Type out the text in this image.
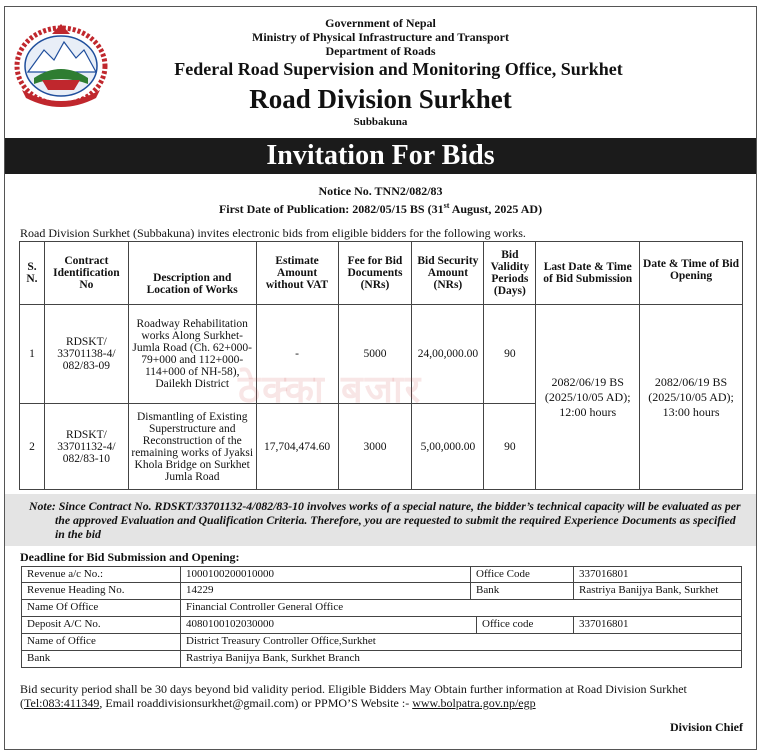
Government of Nepal
Ministry of Physical Infrastructure and Transport
Department of Roads
Federal Road Supervision and Monitoring Office, Surkhet
Road Division Surkhet
Subbakuna
Invitation For Bids
Notice No. TNN2/082/83
First Date of Publication: 2082/05/15 BS (31st August, 2025 AD)
Road Division Surkhet (Subbakuna) invites electronic bids from eligible bidders for the following works.
S. N.	Contract Identification No	Description and Location of Works	Estimate Amount without VAT	Fee for Bid Documents (NRs)	Bid Security Amount (NRs)	Bid Validity Periods (Days)	Last Date & Time of Bid Submission	Date & Time of Bid Opening
1	RDSKT/ 33701138-4/ 082/83-09	Roadway Rehabilitation works Along Surkhet-Jumla Road (Ch. 62+000-79+000 and 112+000-114+000 of NH-58), Dailekh District	-	5000	24,00,000.00	90	2082/06/19 BS (2025/10/05 AD); 12:00 hours	2082/06/19 BS (2025/10/05 AD); 13:00 hours
2	RDSKT/ 33701132-4/ 082/83-10	Dismantling of Existing Superstructure and Reconstruction of the remaining works of Jyaksi Khola Bridge on Surkhet Jumla Road	17,704,474.60	3000	5,00,000.00	90		
ठेक्का बजार
Note: Since Contract No. RDSKT/33701132-4/082/83-10 involves works of a special nature, the bidder’s technical capacity will be evaluated as per the approved Evaluation and Qualification Criteria. Therefore, you are requested to submit the required Experience Documents as specified in the bid
Deadline for Bid Submission and Opening:
Revenue a/c No.:	1000100200010000	Office Code	337016801
Revenue Heading No.	14229	Bank	Rastriya Banijya Bank, Surkhet
Name Of Office	Financial Controller General Office
Deposit A/C No.	4080100102030000	Office code	337016801
Name of Office	District Treasury Controller Office,Surkhet
Bank	Rastriya Banijya Bank, Surkhet Branch
Bid security period shall be 30 days beyond bid validity period. Eligible Bidders May Obtain further information at Road Division Surkhet
(Tel:083:411349, Email roaddivisionsurkhet@gmail.com) or PPMO’S Website :- www.bolpatra.gov.np/egp
Division Chief
